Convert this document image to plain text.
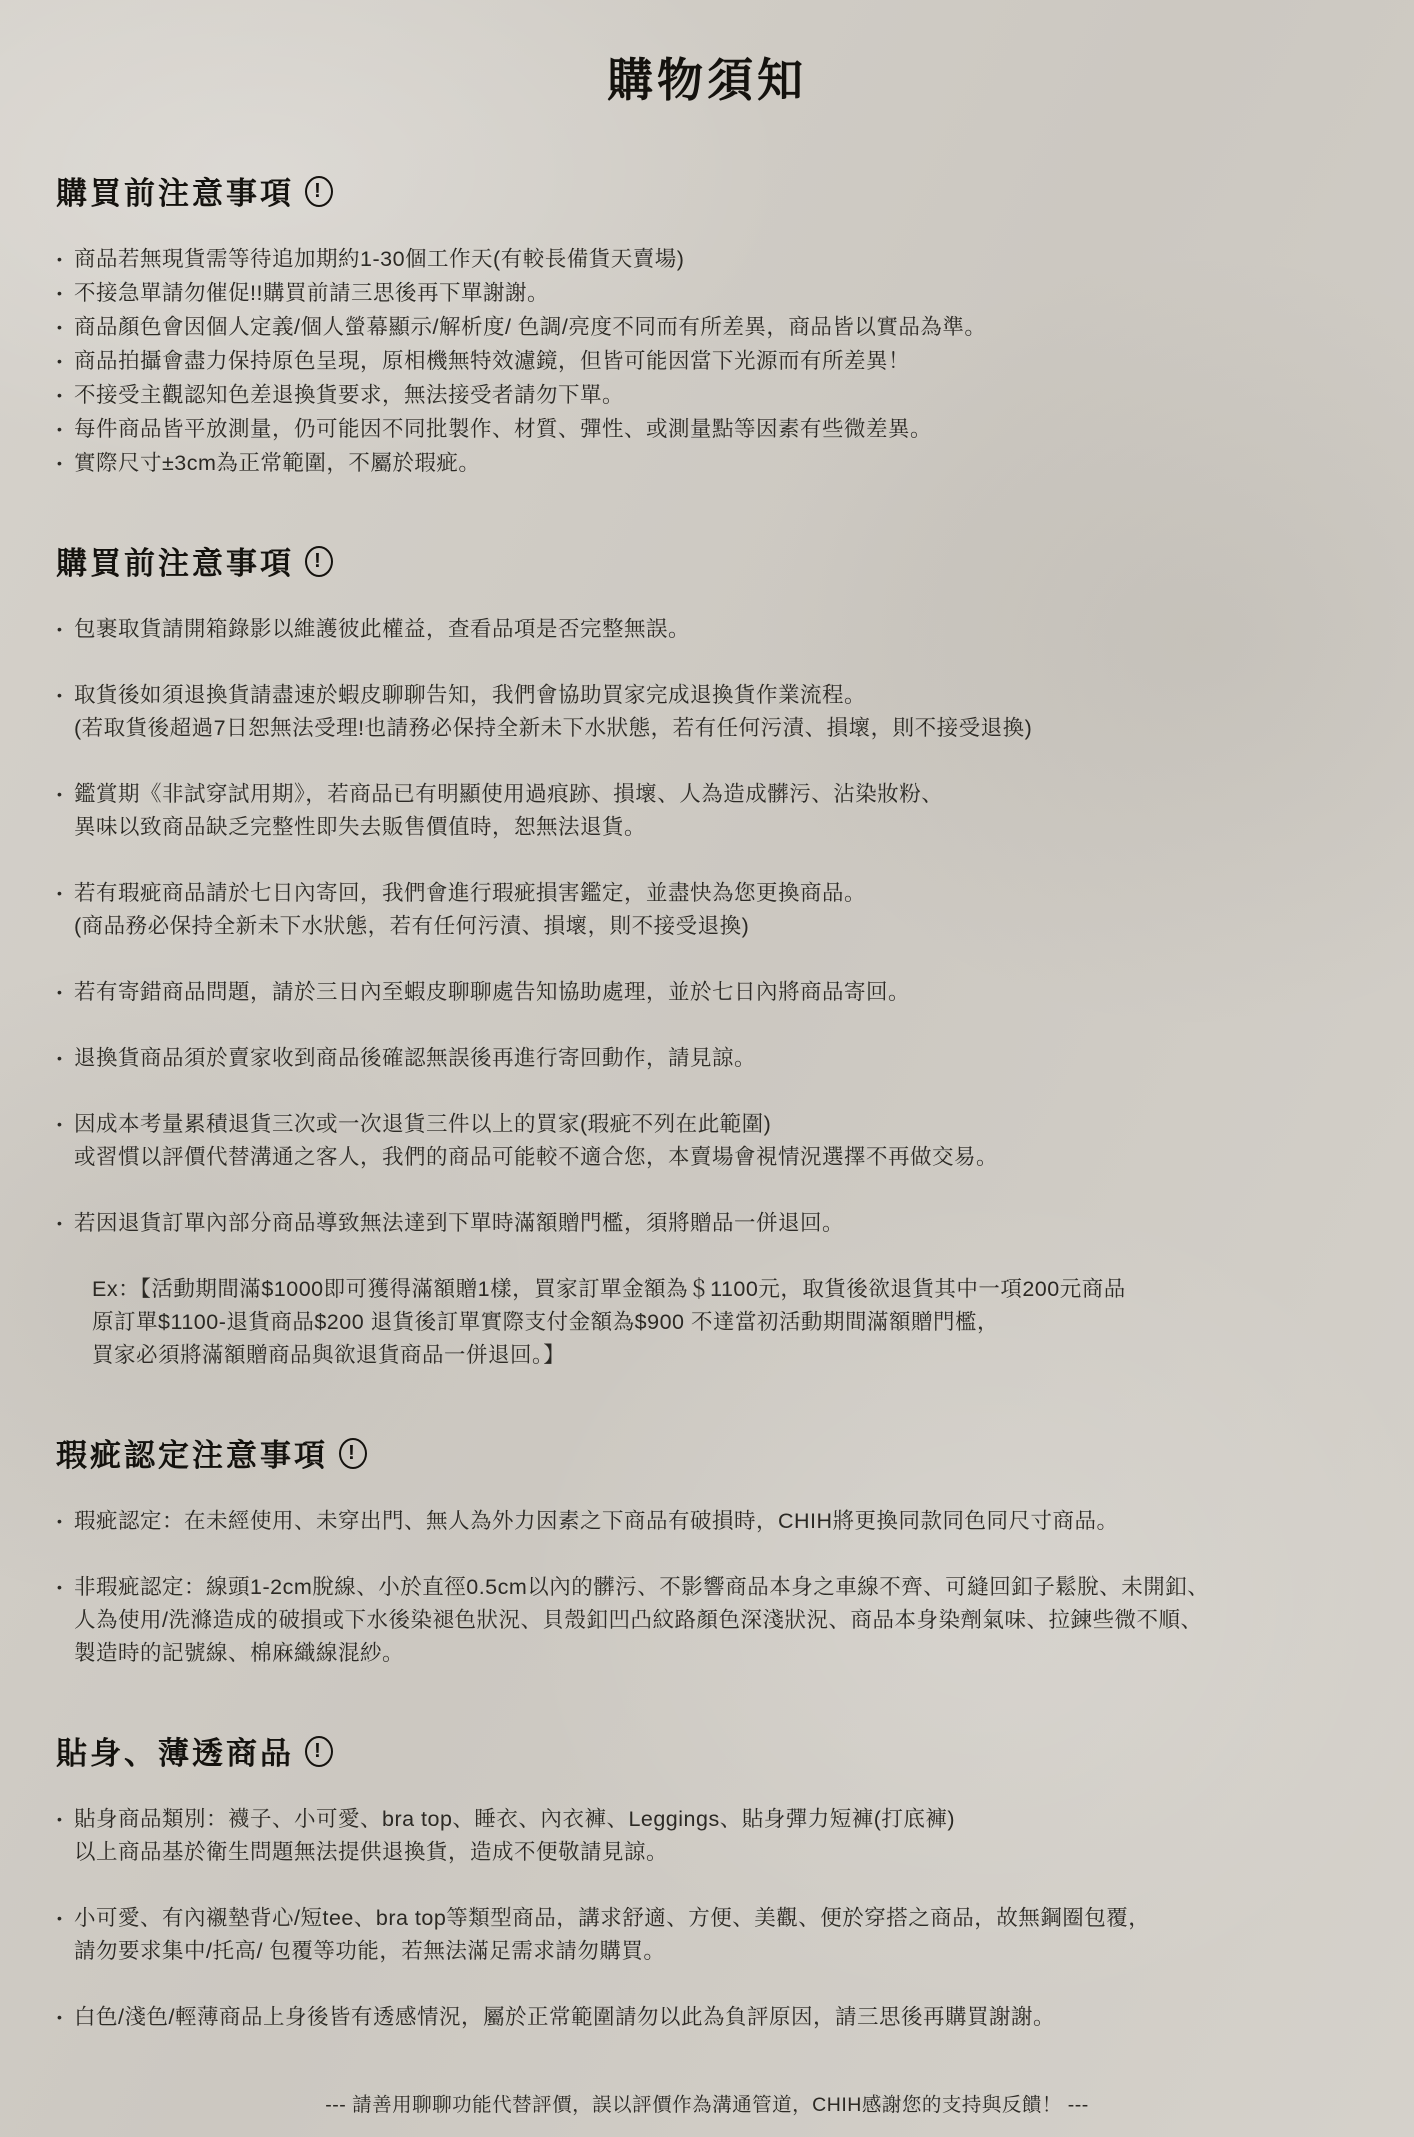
購物須知
購買前注意事項	!

• 商品若無現貨需等待追加期約1-30個工作天(有較長備貨天賣場)

• 不接急單請勿催促!!購買前請三思後再下單謝謝。

• 商品顏色會因個人定義/個人螢幕顯示/解析度/ 色調/亮度不同而有所差異，商品皆以實品為準。

• 商品拍攝會盡力保持原色呈現，原相機無特效濾鏡，但皆可能因當下光源而有所差異！

• 不接受主觀認知色差退換貨要求，無法接受者請勿下單。

• 每件商品皆平放測量，仍可能因不同批製作、材質、彈性、或測量點等因素有些微差異。

• 實際尺寸±3cm為正常範圍，不屬於瑕疵。

購買前注意事項	!

• 包裹取貨請開箱錄影以維護彼此權益，查看品項是否完整無誤。

• 取貨後如須退換貨請盡速於蝦皮聊聊告知，我們會協助買家完成退換貨作業流程。

(若取貨後超過7日恕無法受理!也請務必保持全新未下水狀態，若有任何污漬、損壞，則不接受退換)

• 鑑賞期《非試穿試用期》，若商品已有明顯使用過痕跡、損壞、人為造成髒污、沾染妝粉、

異味以致商品缺乏完整性即失去販售價值時，恕無法退貨。

• 若有瑕疵商品請於七日內寄回，我們會進行瑕疵損害鑑定，並盡快為您更換商品。

(商品務必保持全新未下水狀態，若有任何污漬、損壞，則不接受退換)

• 若有寄錯商品問題，請於三日內至蝦皮聊聊處告知協助處理，並於七日內將商品寄回。

• 退換貨商品須於賣家收到商品後確認無誤後再進行寄回動作，請見諒。

• 因成本考量累積退貨三次或一次退貨三件以上的買家(瑕疵不列在此範圍)

或習慣以評價代替溝通之客人，我們的商品可能較不適合您，本賣場會視情況選擇不再做交易。

• 若因退貨訂單內部分商品導致無法達到下單時滿額贈門檻，須將贈品一併退回。

Ex：【活動期間滿$1000即可獲得滿額贈1樣，買家訂單金額為＄1100元，取貨後欲退貨其中一項200元商品

原訂單$1100-退貨商品$200 退貨後訂單實際支付金額為$900 不達當初活動期間滿額贈門檻，

買家必須將滿額贈商品與欲退貨商品一併退回。】

瑕疵認定注意事項	!

• 瑕疵認定：在未經使用、未穿出門、無人為外力因素之下商品有破損時，CHIH將更換同款同色同尺寸商品。

• 非瑕疵認定：線頭1-2cm脫線、小於直徑0.5cm以內的髒污、不影響商品本身之車線不齊、可縫回釦子鬆脫、未開釦、

人為使用/洗滌造成的破損或下水後染褪色狀況、貝殼釦凹凸紋路顏色深淺狀況、商品本身染劑氣味、拉鍊些微不順、

製造時的記號線、棉麻織線混紗。

貼身、薄透商品	!

• 貼身商品類別：襪子、小可愛、bra top、睡衣、內衣褲、Leggings、貼身彈力短褲(打底褲)

以上商品基於衛生問題無法提供退換貨，造成不便敬請見諒。

• 小可愛、有內襯墊背心/短tee、bra top等類型商品，講求舒適、方便、美觀、便於穿搭之商品，故無鋼圈包覆，

請勿要求集中/托高/ 包覆等功能，若無法滿足需求請勿購買。

• 白色/淺色/輕薄商品上身後皆有透感情況，屬於正常範圍請勿以此為負評原因，請三思後再購買謝謝。

--- 請善用聊聊功能代替評價，誤以評價作為溝通管道，CHIH感謝您的支持與反饋！ ---
